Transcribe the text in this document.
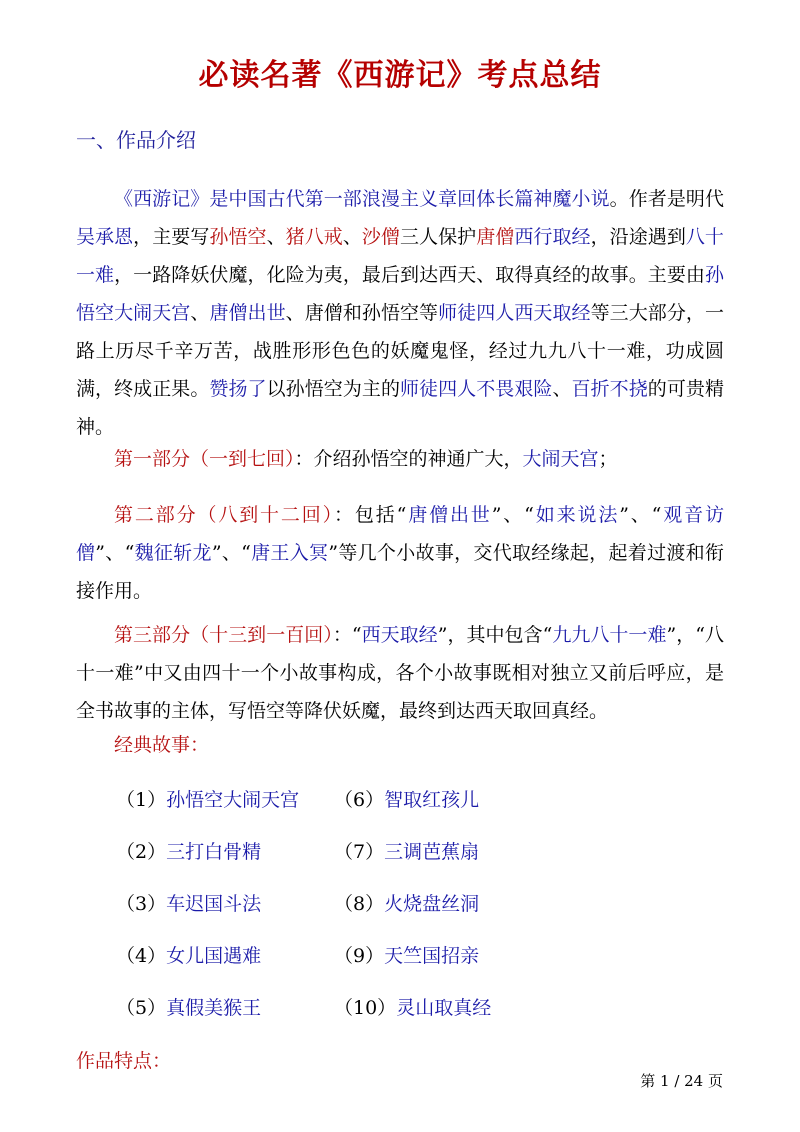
必读名著《西游记》考点总结
一、作品介绍

《西游记》是中国古代第一部浪漫主义章回体长篇神魔小说。作者是明代吴承恩，主要写孙悟空、猪八戒、沙僧三人保护唐僧西行取经，沿途遇到八十一难，一路降妖伏魔，化险为夷，最后到达西天、取得真经的故事。主要由孙悟空大闹天宫、唐僧出世、唐僧和孙悟空等师徒四人西天取经等三大部分，一路上历尽千辛万苦，战胜形形色色的妖魔鬼怪，经过九九八十一难，功成圆满，终成正果。赞扬了以孙悟空为主的师徒四人不畏艰险、百折不挠的可贵精神。

第一部分（一到七回）：介绍孙悟空的神通广大，大闹天宫；

第二部分（八到十二回）：包括“唐僧出世”、“如来说法”、“观音访僧”、“魏征斩龙”、“唐王入冥”等几个小故事，交代取经缘起，起着过渡和衔接作用。

第三部分（十三到一百回）：“西天取经”，其中包含“九九八十一难”，“八十一难”中又由四十一个小故事构成，各个小故事既相对独立又前后呼应，是全书故事的主体，写悟空等降伏妖魔，最终到达西天取回真经。

经典故事：
（1）孙悟空大闹天宫
（2）三打白骨精
（3）车迟国斗法
（4）女儿国遇难
（5）真假美猴王
（6）智取红孩儿
（7）三调芭蕉扇
（8）火烧盘丝洞
（9）天竺国招亲
（10）灵山取真经
作品特点：
第 1 / 24 页
